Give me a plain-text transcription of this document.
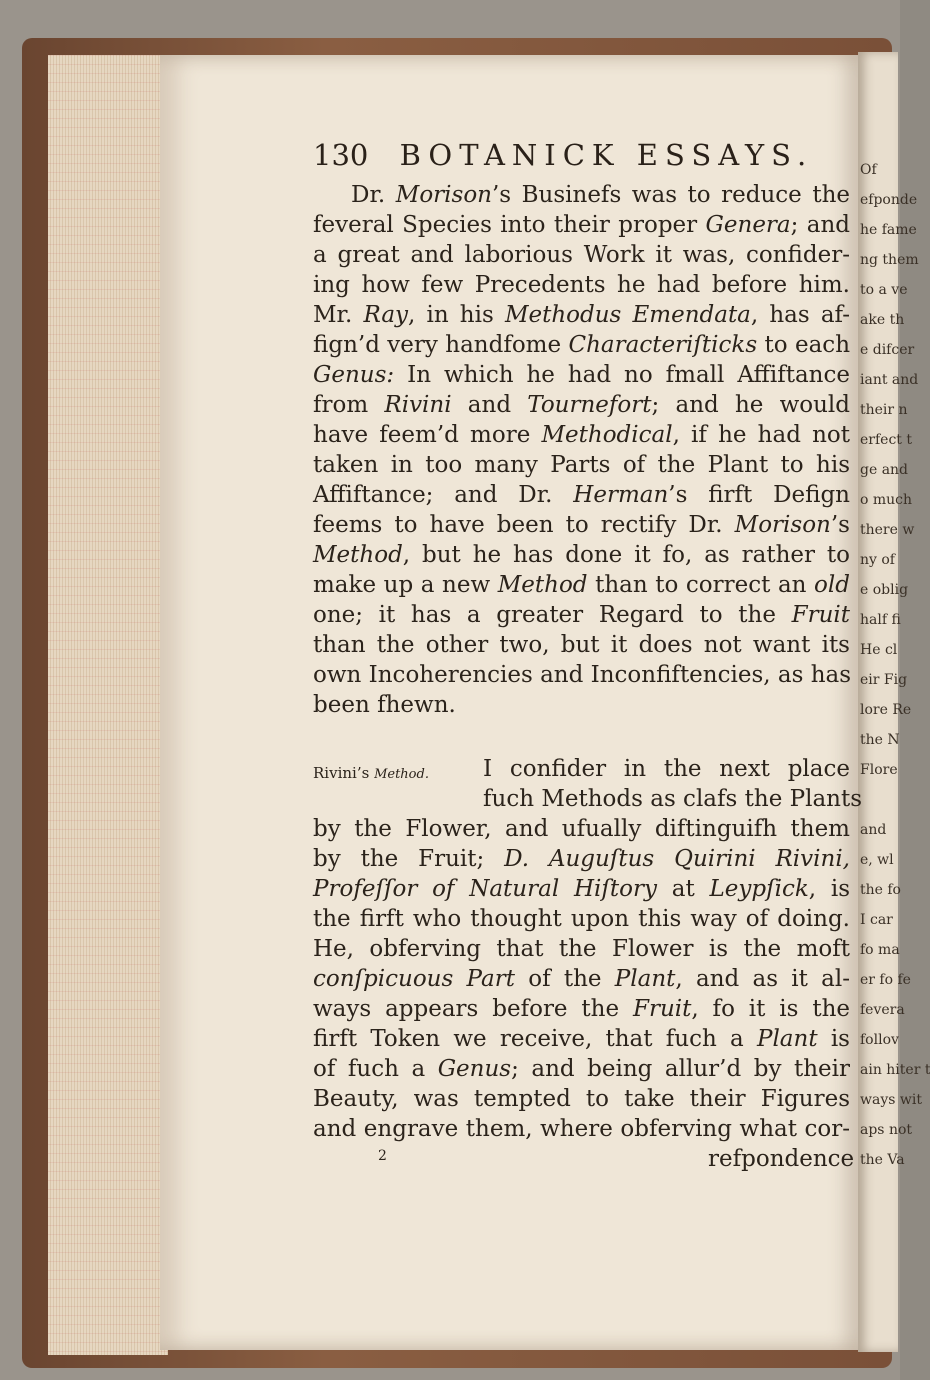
Of
efponde
he fame
ng them
to a ve
ake th
e difcer
iant and
their n
erfect t
ge and
o much
there w
ny of
e oblig
half fi
He cl
eir Fig
lore Re
the N
Flore
and
e, wl
the fo
I car
fo ma
er fo fe
fevera
follov
ain hiter t
ways wit
aps not
the Va
130 BOTANICK ESSAYS.
Dr. Morison’s Businefs was to reduce the
feveral Species into their proper Genera; and
a great and laborious Work it was, confider-
ing how few Precedents he had before him.
Mr. Ray, in his Methodus Emendata, has af-
fign’d very handfome Characteriſticks to each
Genus: In which he had no fmall Affiftance
from Rivini and Tournefort; and he would
have feem’d more Methodical, if he had not
taken in too many Parts of the Plant to his
Affiftance; and Dr. Herman’s firft Defign
feems to have been to rectify Dr. Morison’s
Method, but he has done it fo, as rather to
make up a new Method than to correct an old
one; it has a greater Regard to the Fruit
than the other two, but it does not want its
own Incoherencies and Inconfiftencies, as has
been fhewn.
Rivini’s Method.	I confider in the next place
fuch Methods as clafs the Plants
by the Flower, and ufually diftinguifh them
by the Fruit; D. Auguſtus Quirini Rivini,
Profeſſor of Natural Hiſtory at Leypſick, is
the firft who thought upon this way of doing.
He, obferving that the Flower is the moft
conſpicuous Part of the Plant, and as it al-
ways appears before the Fruit, fo it is the
firft Token we receive, that fuch a Plant is
of fuch a Genus; and being allur’d by their
Beauty, was tempted to take their Figures
and engrave them, where obferving what cor-
2	refpondence
